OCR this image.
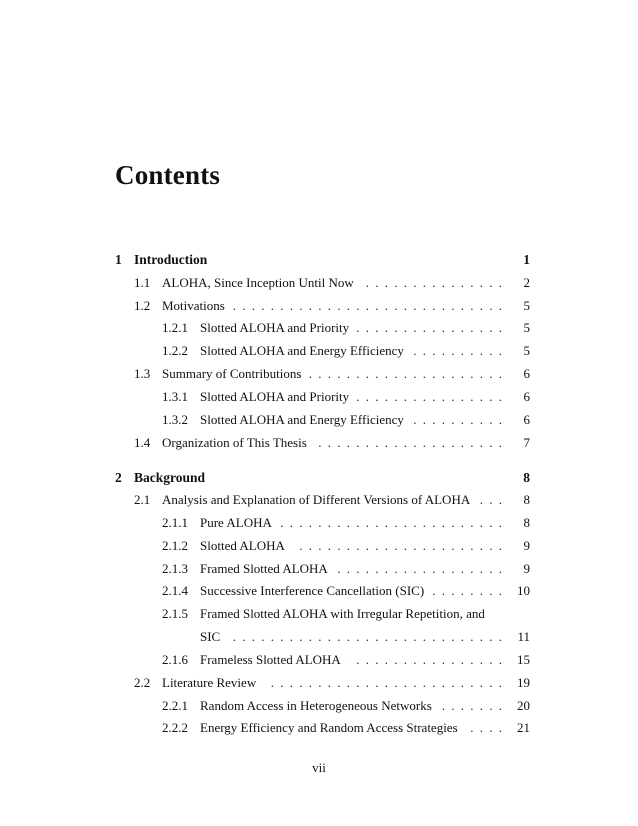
Contents
1 Introduction	1
1.1 ALOHA, Since Inception Until Now	2
. . .
1.2 Motivations	5
. . .
1.2.1 Slotted ALOHA and Priority	5
. . .
1.2.2 Slotted ALOHA and Energy Efficiency	5
. . .
1.3 Summary of Contributions	6
. . .
1.3.1 Slotted ALOHA and Priority	6
. . .
1.3.2 Slotted ALOHA and Energy Efficiency	6
. . .
1.4 Organization of This Thesis	7
. . .
2 Background	8
2.1 Analysis and Explanation of Different Versions of ALOHA	8
. . .
2.1.1 Pure ALOHA	8
. . .
2.1.2 Slotted ALOHA	9
. . .
2.1.3 Framed Slotted ALOHA	9
. . .
2.1.4 Successive Interference Cancellation (SIC)	10
. . .
2.1.5 Framed Slotted ALOHA with Irregular Repetition, and
SIC	11
. . .
2.1.6 Frameless Slotted ALOHA	15
. . .
2.2 Literature Review	19
. . .
2.2.1 Random Access in Heterogeneous Networks	20
. . .
2.2.2 Energy Efficiency and Random Access Strategies	21
. . .
vii
